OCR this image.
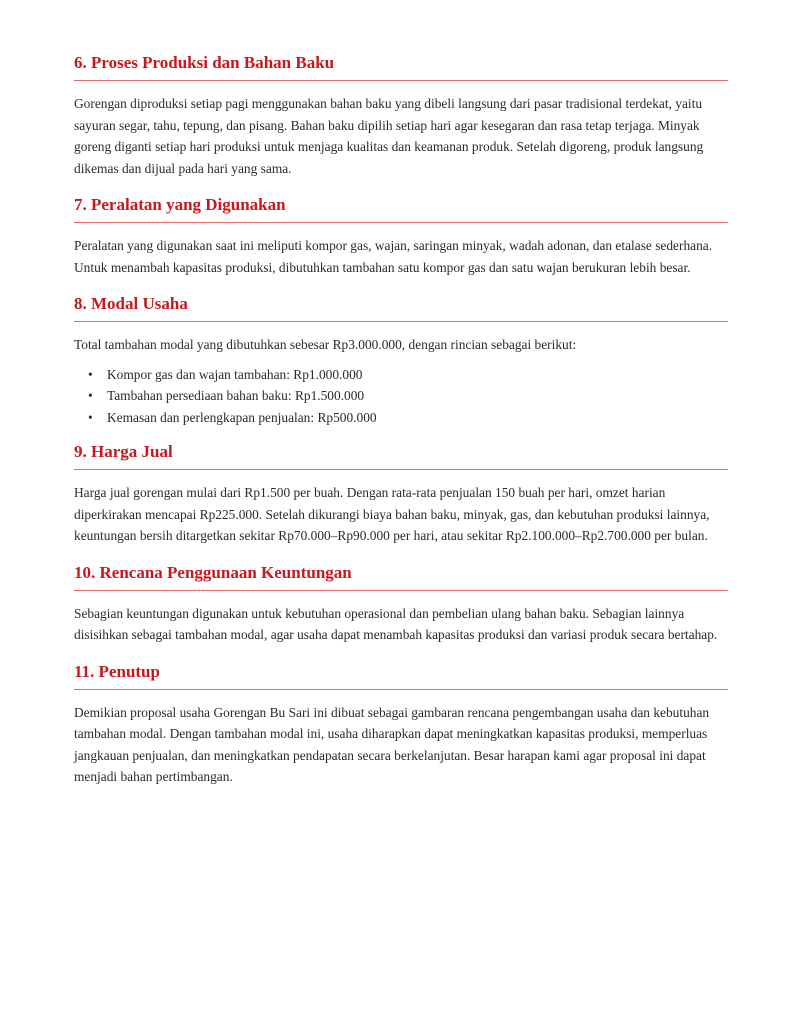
6. Proses Produksi dan Bahan Baku

Gorengan diproduksi setiap pagi menggunakan bahan baku yang dibeli langsung dari pasar tradisional terdekat, yaitu sayuran segar, tahu, tepung, dan pisang. Bahan baku dipilih setiap hari agar kesegaran dan rasa tetap terjaga. Minyak goreng diganti setiap hari produksi untuk menjaga kualitas dan keamanan produk. Setelah digoreng, produk langsung dikemas dan dijual pada hari yang sama.

7. Peralatan yang Digunakan

Peralatan yang digunakan saat ini meliputi kompor gas, wajan, saringan minyak, wadah adonan, dan etalase sederhana. Untuk menambah kapasitas produksi, dibutuhkan tambahan satu kompor gas dan satu wajan berukuran lebih besar.

8. Modal Usaha

Total tambahan modal yang dibutuhkan sebesar Rp3.000.000, dengan rincian sebagai berikut:

• Kompor gas dan wajan tambahan: Rp1.000.000
• Tambahan persediaan bahan baku: Rp1.500.000
• Kemasan dan perlengkapan penjualan: Rp500.000
9. Harga Jual

Harga jual gorengan mulai dari Rp1.500 per buah. Dengan rata-rata penjualan 150 buah per hari, omzet harian diperkirakan mencapai Rp225.000. Setelah dikurangi biaya bahan baku, minyak, gas, dan kebutuhan produksi lainnya, keuntungan bersih ditargetkan sekitar Rp70.000–Rp90.000 per hari, atau sekitar Rp2.100.000–Rp2.700.000 per bulan.

10. Rencana Penggunaan Keuntungan

Sebagian keuntungan digunakan untuk kebutuhan operasional dan pembelian ulang bahan baku. Sebagian lainnya disisihkan sebagai tambahan modal, agar usaha dapat menambah kapasitas produksi dan variasi produk secara bertahap.

11. Penutup

Demikian proposal usaha Gorengan Bu Sari ini dibuat sebagai gambaran rencana pengembangan usaha dan kebutuhan tambahan modal. Dengan tambahan modal ini, usaha diharapkan dapat meningkatkan kapasitas produksi, memperluas jangkauan penjualan, dan meningkatkan pendapatan secara berkelanjutan. Besar harapan kami agar proposal ini dapat menjadi bahan pertimbangan.
